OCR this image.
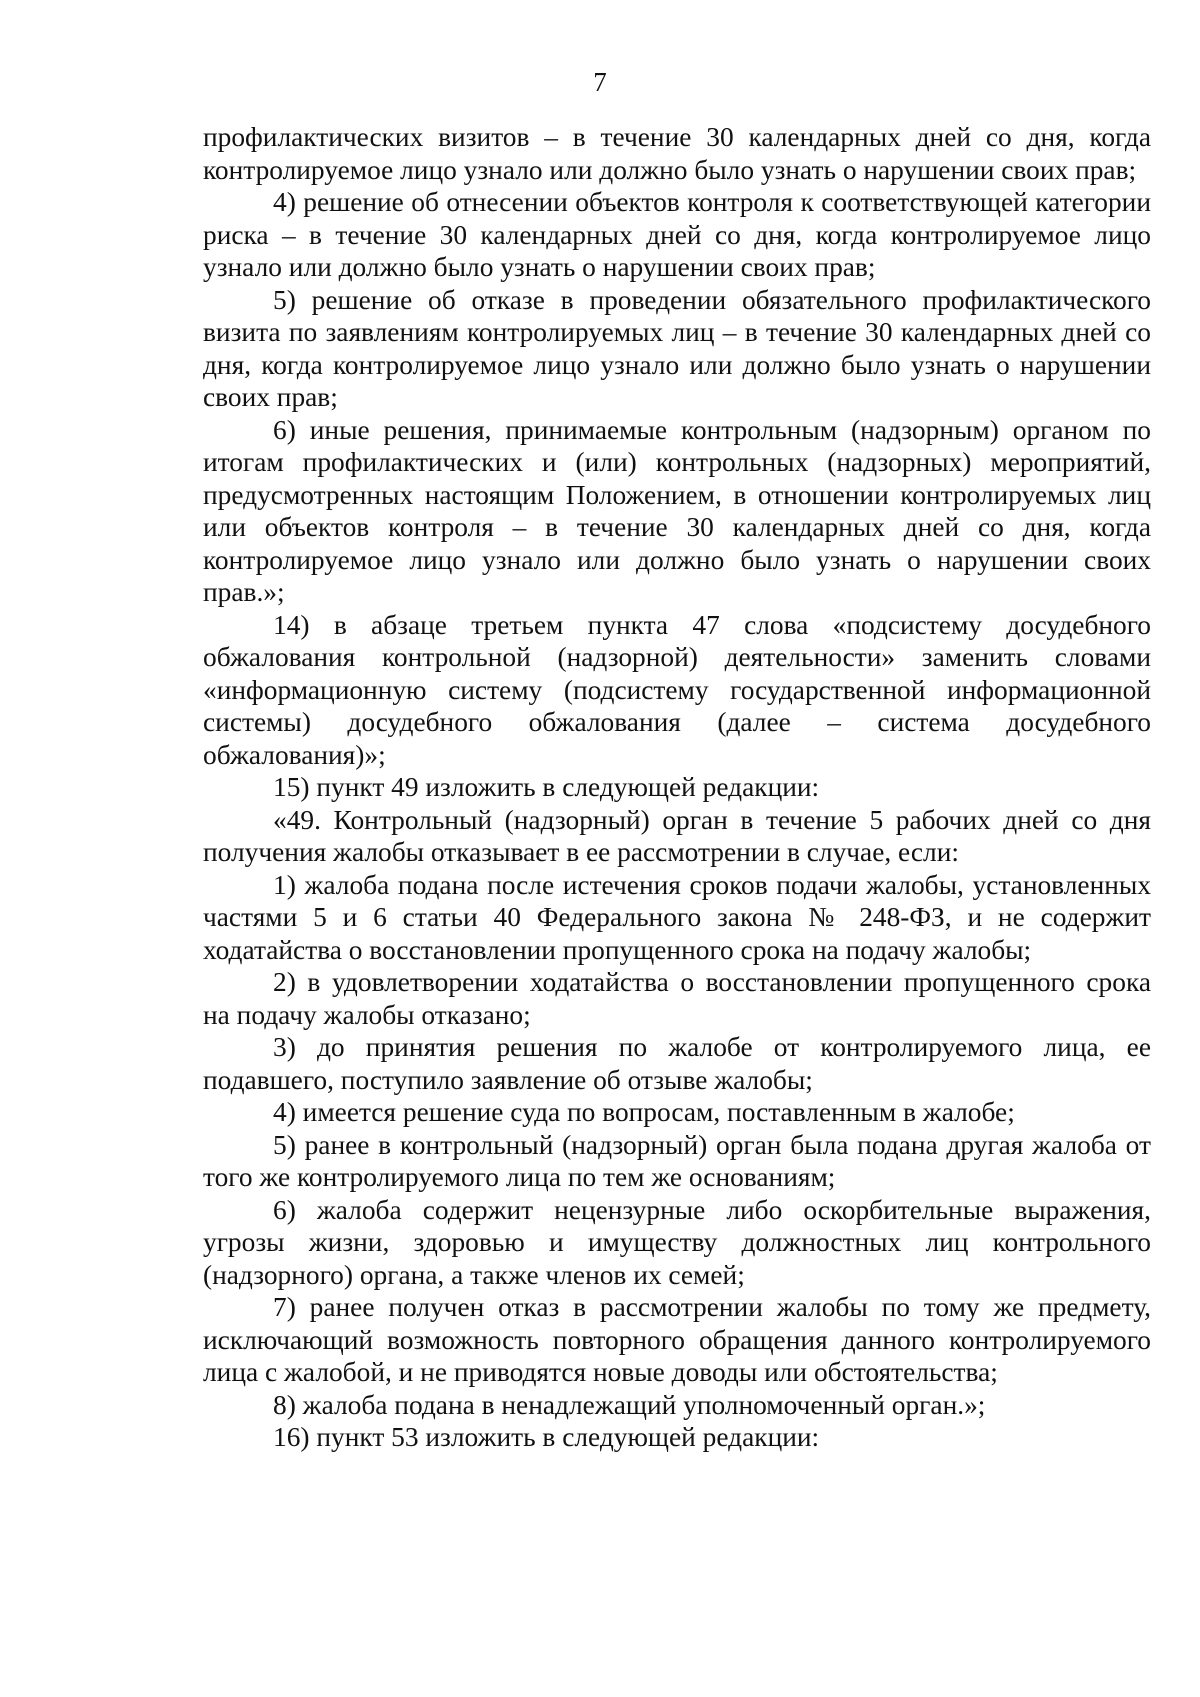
7

профилактических визитов – в течение 30 календарных дней со дня, когда контролируемое лицо узнало или должно было узнать о нарушении своих прав;

4) решение об отнесении объектов контроля к соответствующей категории риска – в течение 30 календарных дней со дня, когда контролируемое лицо узнало или должно было узнать о нарушении своих прав;

5) решение об отказе в проведении обязательного профилактического визита по заявлениям контролируемых лиц – в течение 30 календарных дней со дня, когда контролируемое лицо узнало или должно было узнать о нарушении своих прав;

6) иные решения, принимаемые контрольным (надзорным) органом по итогам профилактических и (или) контрольных (надзорных) мероприятий, предусмотренных настоящим Положением, в отношении контролируемых лиц или объектов контроля – в течение 30 календарных дней со дня, когда контролируемое лицо узнало или должно было узнать о нарушении своих прав.»;

14) в абзаце третьем пункта 47 слова «подсистему досудебного обжалования контрольной (надзорной) деятельности» заменить словами «информационную систему (подсистему государственной информационной системы) досудебного обжалования (далее – система досудебного обжалования)»;

15) пункт 49 изложить в следующей редакции:

«49. Контрольный (надзорный) орган в течение 5 рабочих дней со дня получения жалобы отказывает в ее рассмотрении в случае, если:

1) жалоба подана после истечения сроков подачи жалобы, установленных частями 5 и 6 статьи 40 Федерального закона № 248-ФЗ, и не содержит ходатайства о восстановлении пропущенного срока на подачу жалобы;

2) в удовлетворении ходатайства о восстановлении пропущенного срока на подачу жалобы отказано;

3) до принятия решения по жалобе от контролируемого лица, ее подавшего, поступило заявление об отзыве жалобы;

4) имеется решение суда по вопросам, поставленным в жалобе;

5) ранее в контрольный (надзорный) орган была подана другая жалоба от того же контролируемого лица по тем же основаниям;

6) жалоба содержит нецензурные либо оскорбительные выражения, угрозы жизни, здоровью и имуществу должностных лиц контрольного (надзорного) органа, а также членов их семей;

7) ранее получен отказ в рассмотрении жалобы по тому же предмету, исключающий возможность повторного обращения данного контролируемого лица с жалобой, и не приводятся новые доводы или обстоятельства;

8) жалоба подана в ненадлежащий уполномоченный орган.»;

16) пункт 53 изложить в следующей редакции:
